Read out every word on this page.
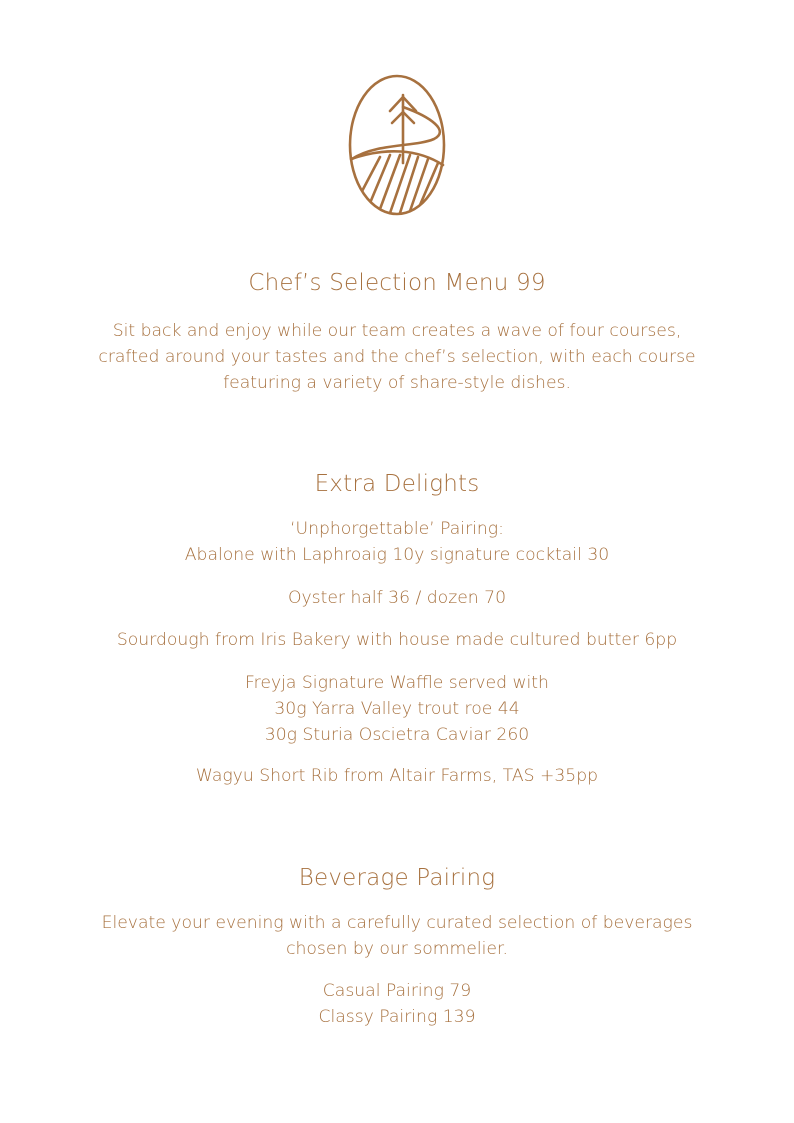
Chef’s Selection Menu 99
Sit back and enjoy while our team creates a wave of four courses,
crafted around your tastes and the chef’s selection, with each course
featuring a variety of share-style dishes.
Extra Delights
‘Unphorgettable’ Pairing:
Abalone with Laphroaig 10y signature cocktail 30
Oyster half 36 / dozen 70
Sourdough from Iris Bakery with house made cultured butter 6pp
Freyja Signature Waffle served with
30g Yarra Valley trout roe 44
30g Sturia Oscietra Caviar 260
Wagyu Short Rib from Altair Farms, TAS +35pp
Beverage Pairing
Elevate your evening with a carefully curated selection of beverages
chosen by our sommelier.
Casual Pairing 79
Classy Pairing 139
